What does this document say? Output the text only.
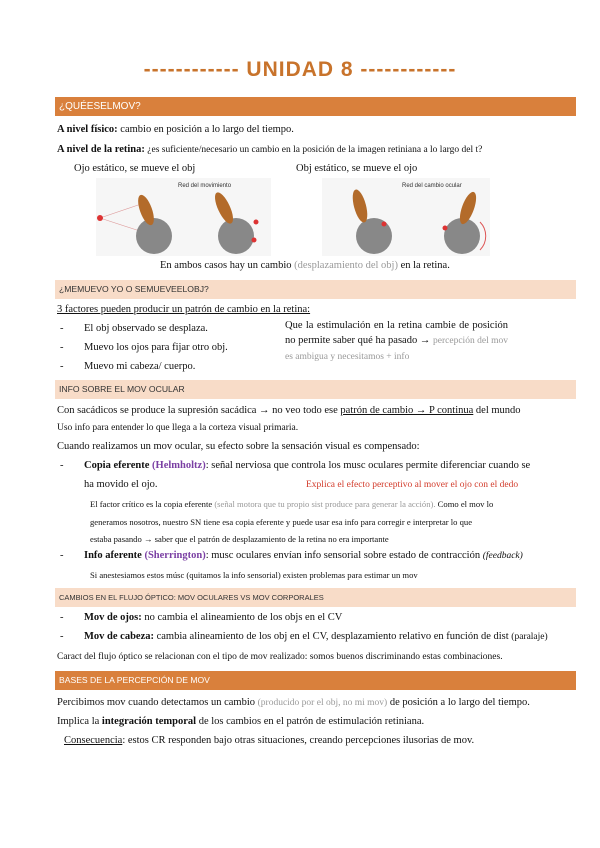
------------ UNIDAD 8 ------------
¿QUÉESELMOV?
A nivel físico: cambio en posición a lo largo del tiempo.
A nivel de la retina: ¿es suficiente/necesario un cambio en la posición de la imagen retiniana a lo largo del t?
Ojo estático, se mueve el obj	Obj estático, se mueve el ojo
Red del movimiento	Red del cambio ocular
En ambos casos hay un cambio (desplazamiento del obj) en la retina.
¿MEMUEVO YO O SEMUEVEELOBJ?
3 factores pueden producir un patrón de cambio en la retina:
- El obj observado se desplaza.
- Muevo los ojos para fijar otro obj.
- Muevo mi cabeza/ cuerpo.
Que la estimulación en la retina cambie de posición no permite saber qué ha pasado → percepción del mov es ambigua y necesitamos + info
INFO SOBRE EL MOV OCULAR
Con sacádicos se produce la supresión sacádica → no veo todo ese patrón de cambio → P continua del mundo
Uso info para entender lo que llega a la corteza visual primaria.
Cuando realizamos un mov ocular, su efecto sobre la sensación visual es compensado:
- Copia eferente (Helmholtz): señal nerviosa que controla los musc oculares permite diferenciar cuando se
ha movido el ojo.	Explica el efecto perceptivo al mover el ojo con el dedo
El factor crítico es la copia eferente (señal motora que tu propio sist produce para generar la acción). Como el mov lo
generamos nosotros, nuestro SN tiene esa copia eferente y puede usar esa info para corregir e interpretar lo que
estaba pasando → saber que el patrón de desplazamiento de la retina no era importante
- Info aferente (Sherrington): musc oculares envían info sensorial sobre estado de contracción (feedback)
Si anestesiamos estos músc (quitamos la info sensorial) existen problemas para estimar un mov
CAMBIOS EN EL FLUJO ÓPTICO: MOV OCULARES VS MOV CORPORALES
- Mov de ojos: no cambia el alineamiento de los objs en el CV
- Mov de cabeza: cambia alineamiento de los obj en el CV, desplazamiento relativo en función de dist (paralaje)
Caract del flujo óptico se relacionan con el tipo de mov realizado: somos buenos discriminando estas combinaciones.
BASES DE LA PERCEPCIÓN DE MOV
Percibimos mov cuando detectamos un cambio (producido por el obj, no mi mov) de posición a lo largo del tiempo.
Implica la integración temporal de los cambios en el patrón de estimulación retiniana.
Consecuencia: estos CR responden bajo otras situaciones, creando percepciones ilusorias de mov.
